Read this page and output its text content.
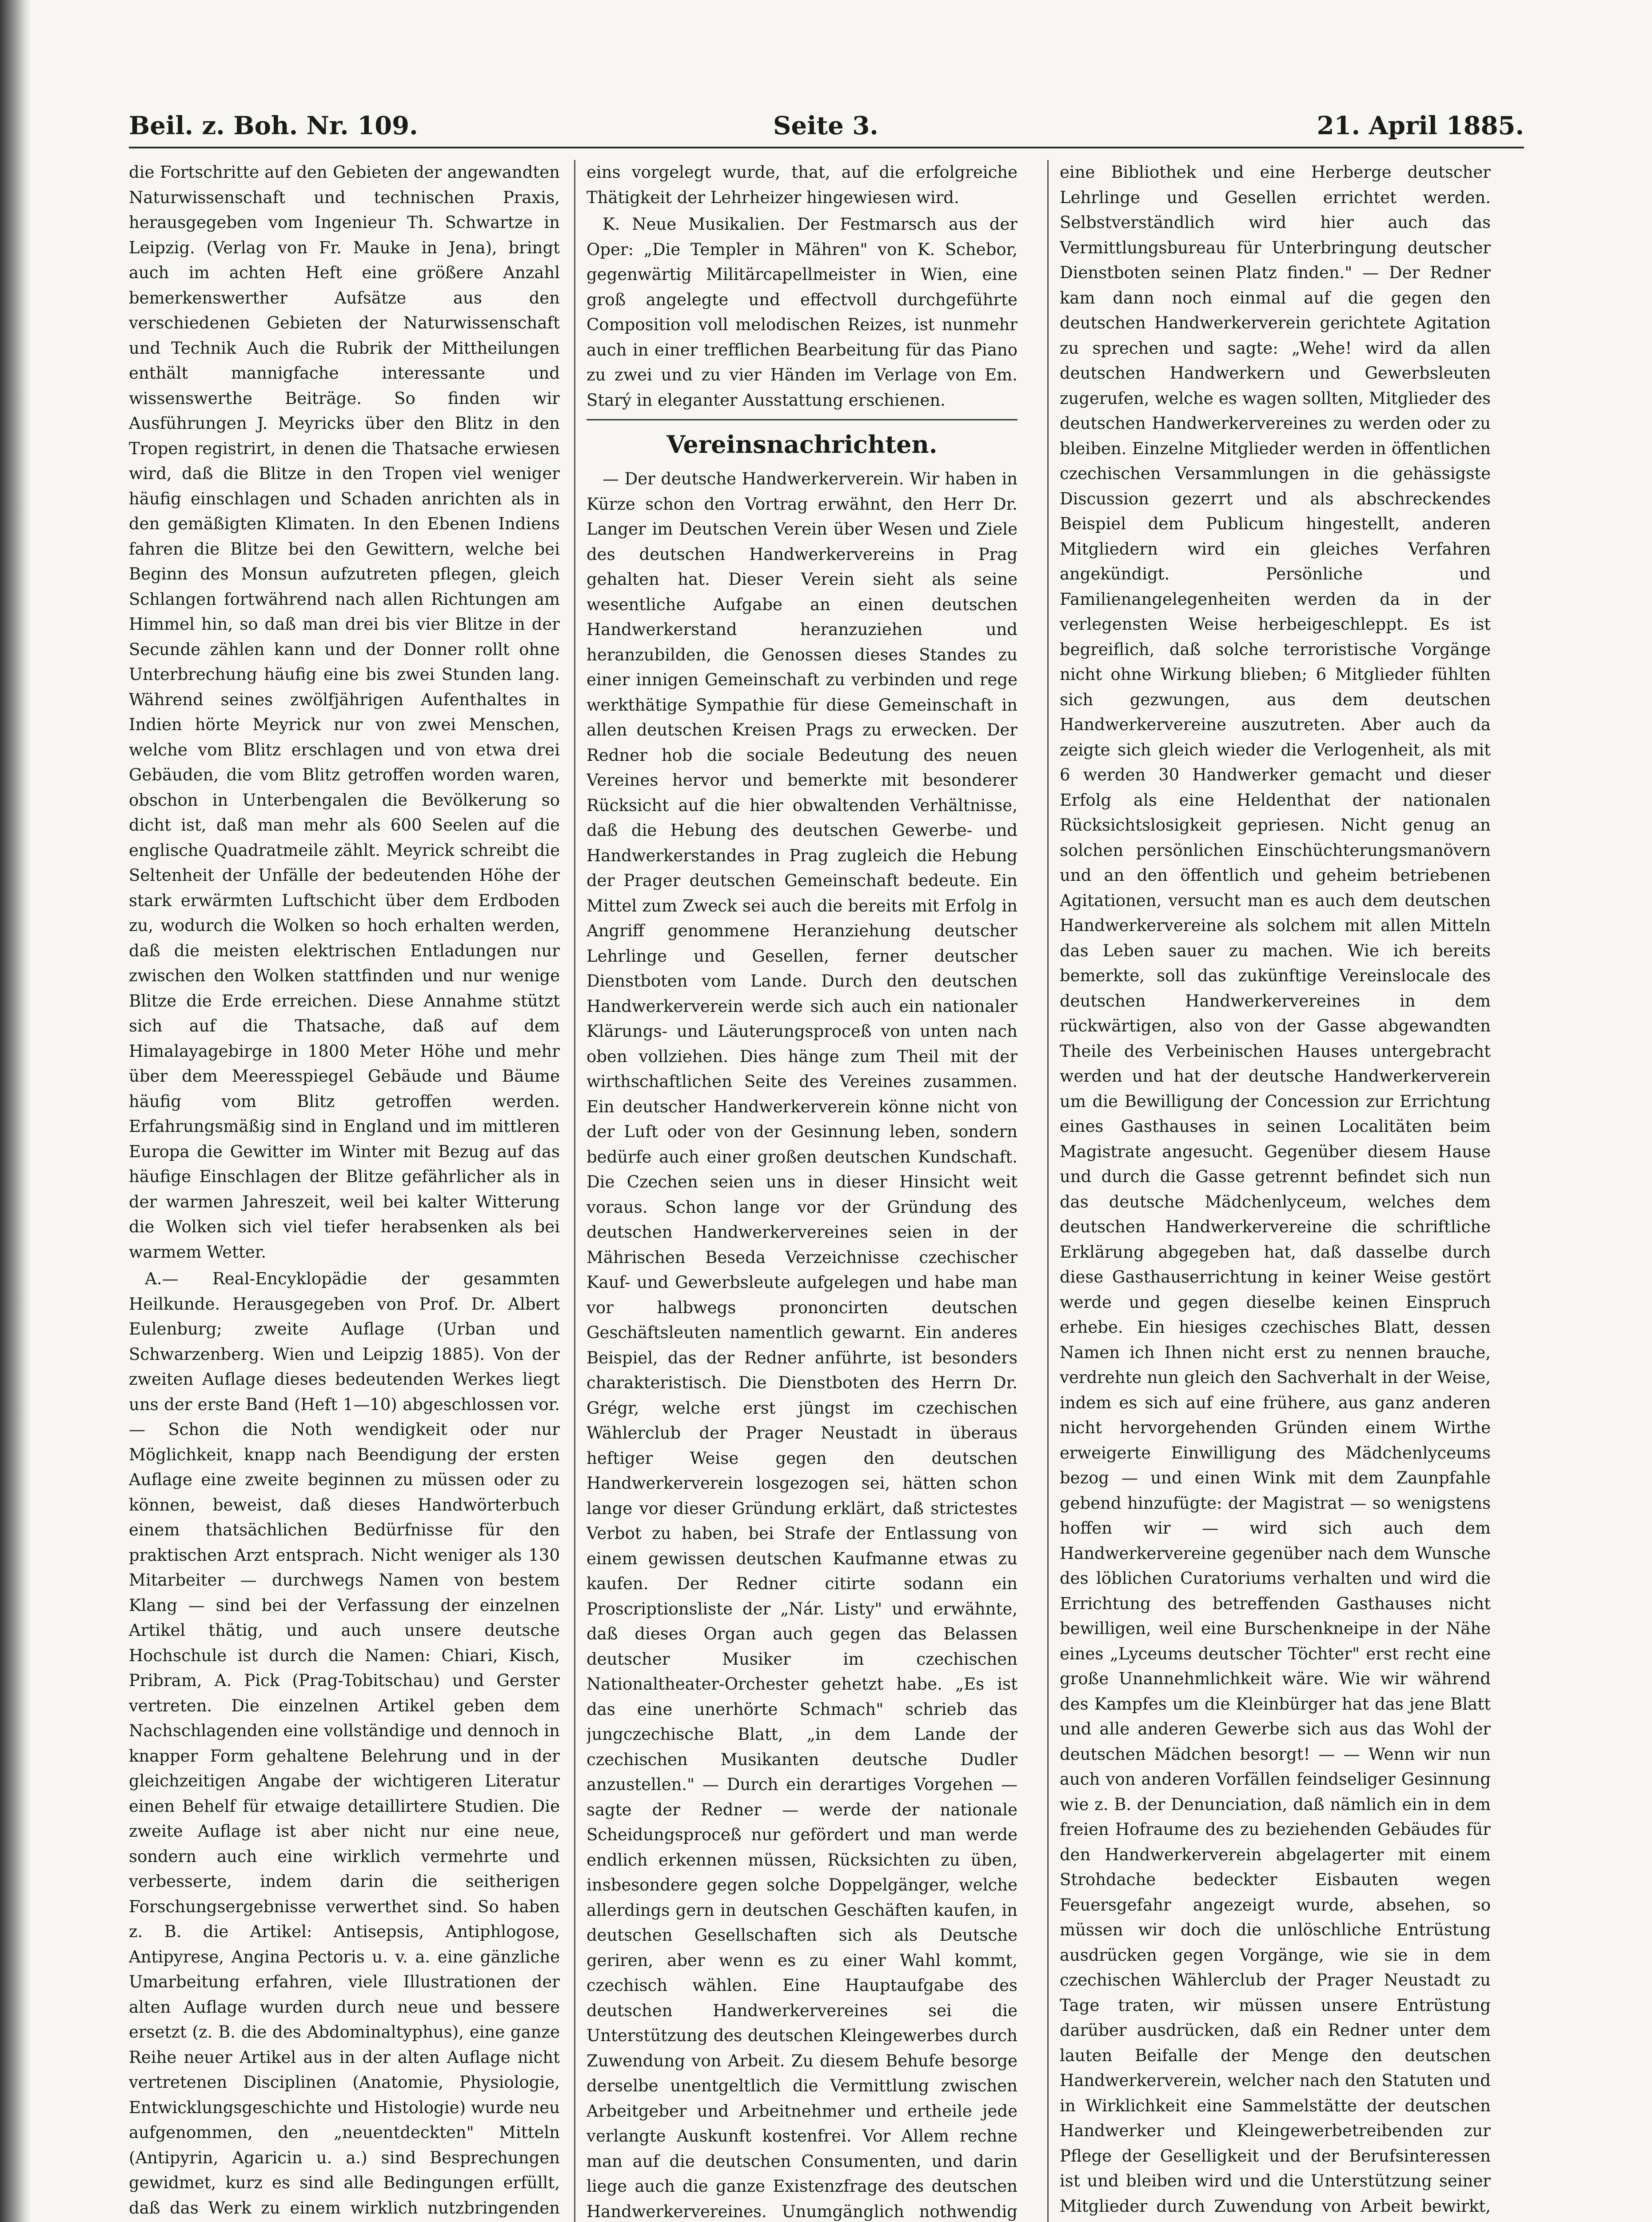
Beil. z. Boh. Nr. 109.	Seite 3.	21. April 1885.

die Fortschritte auf den Gebieten der angewandten Naturwissenschaft und technischen Praxis, herausgegeben vom Ingenieur Th. Schwartze in Leipzig. (Verlag von Fr. Mauke in Jena), bringt auch im achten Heft eine größere Anzahl bemerkenswerther Aufsätze aus den verschiedenen Gebieten der Naturwissenschaft und Technik Auch die Rubrik der Mittheilungen enthält mannigfache interessante und wissenswerthe Beiträge. So finden wir Ausführungen J. Meyricks über den Blitz in den Tropen registrirt, in denen die Thatsache erwiesen wird, daß die Blitze in den Tropen viel weniger häufig einschlagen und Schaden anrichten als in den gemäßigten Klimaten. In den Ebenen Indiens fahren die Blitze bei den Gewittern, welche bei Beginn des Monsun aufzutreten pflegen, gleich Schlangen fortwährend nach allen Richtungen am Himmel hin, so daß man drei bis vier Blitze in der Secunde zählen kann und der Donner rollt ohne Unterbrechung häufig eine bis zwei Stunden lang. Während seines zwölfjährigen Aufenthaltes in Indien hörte Meyrick nur von zwei Menschen, welche vom Blitz erschlagen und von etwa drei Gebäuden, die vom Blitz getroffen worden waren, obschon in Unterbengalen die Bevölkerung so dicht ist, daß man mehr als 600 Seelen auf die englische Quadratmeile zählt. Meyrick schreibt die Seltenheit der Unfälle der bedeutenden Höhe der stark erwärmten Luftschicht über dem Erdboden zu, wodurch die Wolken so hoch erhalten werden, daß die meisten elektrischen Entladungen nur zwischen den Wolken stattfinden und nur wenige Blitze die Erde erreichen. Diese Annahme stützt sich auf die Thatsache, daß auf dem Himalayagebirge in 1800 Meter Höhe und mehr über dem Meeresspiegel Gebäude und Bäume häufig vom Blitz getroffen werden. Erfahrungsmäßig sind in England und im mittleren Europa die Gewitter im Winter mit Bezug auf das häufige Einschlagen der Blitze gefährlicher als in der warmen Jahreszeit, weil bei kalter Witterung die Wolken sich viel tiefer herabsenken als bei warmem Wetter.

A.— Real-Encyklopädie der gesammten Heilkunde. Herausgegeben von Prof. Dr. Albert Eulenburg; zweite Auflage (Urban und Schwarzenberg. Wien und Leipzig 1885). Von der zweiten Auflage dieses bedeutenden Werkes liegt uns der erste Band (Heft 1—10) abgeschlossen vor. — Schon die Noth wendigkeit oder nur Möglichkeit, knapp nach Beendigung der ersten Auflage eine zweite beginnen zu müssen oder zu können, beweist, daß dieses Handwörterbuch einem thatsächlichen Bedürfnisse für den praktischen Arzt entsprach. Nicht weniger als 130 Mitarbeiter — durchwegs Namen von bestem Klang — sind bei der Verfassung der einzelnen Artikel thätig, und auch unsere deutsche Hochschule ist durch die Namen: Chiari, Kisch, Pribram, A. Pick (Prag-Tobitschau) und Gerster vertreten. Die einzelnen Artikel geben dem Nachschlagenden eine vollständige und dennoch in knapper Form gehaltene Belehrung und in der gleichzeitigen Angabe der wichtigeren Literatur einen Behelf für etwaige detaillirtere Studien. Die zweite Auflage ist aber nicht nur eine neue, sondern auch eine wirklich vermehrte und verbesserte, indem darin die seitherigen Forschungsergebnisse verwerthet sind. So haben z. B. die Artikel: Antisepsis, Antiphlogose, Antipyrese, Angina Pectoris u. v. a. eine gänzliche Umarbeitung erfahren, viele Illustrationen der alten Auflage wurden durch neue und bessere ersetzt (z. B. die des Abdominaltyphus), eine ganze Reihe neuer Artikel aus in der alten Auflage nicht vertretenen Disciplinen (Anatomie, Physiologie, Entwicklungsgeschichte und Histologie) wurde neu aufgenommen, den „neuentdeckten" Mitteln (Antipyrin, Agaricin u. a.) sind Besprechungen gewidmet, kurz es sind alle Bedingungen erfüllt, daß das Werk zu einem wirklich nutzbringenden

eins vorgelegt wurde, that, auf die erfolgreiche Thätigkeit der Lehrheizer hingewiesen wird.

K. Neue Musikalien. Der Festmarsch aus der Oper: „Die Templer in Mähren" von K. Schebor, gegenwärtig Militärcapellmeister in Wien, eine groß angelegte und effectvoll durchgeführte Composition voll melodischen Reizes, ist nunmehr auch in einer trefflichen Bearbeitung für das Piano zu zwei und zu vier Händen im Verlage von Em. Starý in eleganter Ausstattung erschienen.

Vereinsnachrichten.

— Der deutsche Handwerkerverein. Wir haben in Kürze schon den Vortrag erwähnt, den Herr Dr. Langer im Deutschen Verein über Wesen und Ziele des deutschen Handwerkervereins in Prag gehalten hat. Dieser Verein sieht als seine wesentliche Aufgabe an einen deutschen Handwerkerstand heranzuziehen und heranzubilden, die Genossen dieses Standes zu einer innigen Gemeinschaft zu verbinden und rege werkthätige Sympathie für diese Gemeinschaft in allen deutschen Kreisen Prags zu erwecken. Der Redner hob die sociale Bedeutung des neuen Vereines hervor und bemerkte mit besonderer Rücksicht auf die hier obwaltenden Verhältnisse, daß die Hebung des deutschen Gewerbe- und Handwerkerstandes in Prag zugleich die Hebung der Prager deutschen Gemeinschaft bedeute. Ein Mittel zum Zweck sei auch die bereits mit Erfolg in Angriff genommene Heranziehung deutscher Lehrlinge und Gesellen, ferner deutscher Dienstboten vom Lande. Durch den deutschen Handwerkerverein werde sich auch ein nationaler Klärungs- und Läuterungsproceß von unten nach oben vollziehen. Dies hänge zum Theil mit der wirthschaftlichen Seite des Vereines zusammen. Ein deutscher Handwerkerverein könne nicht von der Luft oder von der Gesinnung leben, sondern bedürfe auch einer großen deutschen Kundschaft. Die Czechen seien uns in dieser Hinsicht weit voraus. Schon lange vor der Gründung des deutschen Handwerkervereines seien in der Mährischen Beseda Verzeichnisse czechischer Kauf- und Gewerbsleute aufgelegen und habe man vor halbwegs prononcirten deutschen Geschäftsleuten namentlich gewarnt. Ein anderes Beispiel, das der Redner anführte, ist besonders charakteristisch. Die Dienstboten des Herrn Dr. Grégr, welche erst jüngst im czechischen Wählerclub der Prager Neustadt in überaus heftiger Weise gegen den deutschen Handwerkerverein losgezogen sei, hätten schon lange vor dieser Gründung erklärt, daß strictestes Verbot zu haben, bei Strafe der Entlassung von einem gewissen deutschen Kaufmanne etwas zu kaufen. Der Redner citirte sodann ein Proscriptionsliste der „Nár. Listy" und erwähnte, daß dieses Organ auch gegen das Belassen deutscher Musiker im czechischen Nationaltheater-Orchester gehetzt habe. „Es ist das eine unerhörte Schmach" schrieb das jungczechische Blatt, „in dem Lande der czechischen Musikanten deutsche Dudler anzustellen." — Durch ein derartiges Vorgehen — sagte der Redner — werde der nationale Scheidungsproceß nur gefördert und man werde endlich erkennen müssen, Rücksichten zu üben, insbesondere gegen solche Doppelgänger, welche allerdings gern in deutschen Geschäften kaufen, in deutschen Gesellschaften sich als Deutsche geriren, aber wenn es zu einer Wahl kommt, czechisch wählen. Eine Hauptaufgabe des deutschen Handwerkervereines sei die Unterstützung des deutschen Kleingewerbes durch Zuwendung von Arbeit. Zu diesem Behufe besorge derselbe unentgeltlich die Vermittlung zwischen Arbeitgeber und Arbeitnehmer und ertheile jede verlangte Auskunft kostenfrei. Vor Allem rechne man auf die deutschen Consumenten, und darin liege auch die ganze Existenzfrage des deutschen Handwerkervereines. Unumgänglich nothwendig

eine Bibliothek und eine Herberge deutscher Lehrlinge und Gesellen errichtet werden. Selbstverständlich wird hier auch das Vermittlungsbureau für Unterbringung deutscher Dienstboten seinen Platz finden." — Der Redner kam dann noch einmal auf die gegen den deutschen Handwerkerverein gerichtete Agitation zu sprechen und sagte: „Wehe! wird da allen deutschen Handwerkern und Gewerbsleuten zugerufen, welche es wagen sollten, Mitglieder des deutschen Handwerkervereines zu werden oder zu bleiben. Einzelne Mitglieder werden in öffentlichen czechischen Versammlungen in die gehässigste Discussion gezerrt und als abschreckendes Beispiel dem Publicum hingestellt, anderen Mitgliedern wird ein gleiches Verfahren angekündigt. Persönliche und Familienangelegenheiten werden da in der verlegensten Weise herbeigeschleppt. Es ist begreiflich, daß solche terroristische Vorgänge nicht ohne Wirkung blieben; 6 Mitglieder fühlten sich gezwungen, aus dem deutschen Handwerkervereine auszutreten. Aber auch da zeigte sich gleich wieder die Verlogenheit, als mit 6 werden 30 Handwerker gemacht und dieser Erfolg als eine Heldenthat der nationalen Rücksichtslosigkeit gepriesen. Nicht genug an solchen persönlichen Einschüchterungsmanövern und an den öffentlich und geheim betriebenen Agitationen, versucht man es auch dem deutschen Handwerkervereine als solchem mit allen Mitteln das Leben sauer zu machen. Wie ich bereits bemerkte, soll das zukünftige Vereinslocale des deutschen Handwerkervereines in dem rückwärtigen, also von der Gasse abgewandten Theile des Verbeinischen Hauses untergebracht werden und hat der deutsche Handwerkerverein um die Bewilligung der Concession zur Errichtung eines Gasthauses in seinen Localitäten beim Magistrate angesucht. Gegenüber diesem Hause und durch die Gasse getrennt befindet sich nun das deutsche Mädchenlyceum, welches dem deutschen Handwerkervereine die schriftliche Erklärung abgegeben hat, daß dasselbe durch diese Gasthauserrichtung in keiner Weise gestört werde und gegen dieselbe keinen Einspruch erhebe. Ein hiesiges czechisches Blatt, dessen Namen ich Ihnen nicht erst zu nennen brauche, verdrehte nun gleich den Sachverhalt in der Weise, indem es sich auf eine frühere, aus ganz anderen nicht hervorgehenden Gründen einem Wirthe erweigerte Einwilligung des Mädchenlyceums bezog — und einen Wink mit dem Zaunpfahle gebend hinzufügte: der Magistrat — so wenigstens hoffen wir — wird sich auch dem Handwerkervereine gegenüber nach dem Wunsche des löblichen Curatoriums verhalten und wird die Errichtung des betreffenden Gasthauses nicht bewilligen, weil eine Burschenkneipe in der Nähe eines „Lyceums deutscher Töchter" erst recht eine große Unannehmlichkeit wäre. Wie wir während des Kampfes um die Kleinbürger hat das jene Blatt und alle anderen Gewerbe sich aus das Wohl der deutschen Mädchen besorgt! — — Wenn wir nun auch von anderen Vorfällen feindseliger Gesinnung wie z. B. der Denunciation, daß nämlich ein in dem freien Hofraume des zu beziehenden Gebäudes für den Handwerkerverein abgelagerter mit einem Strohdache bedeckter Eisbauten wegen Feuersgefahr angezeigt wurde, absehen, so müssen wir doch die unlöschliche Entrüstung ausdrücken gegen Vorgänge, wie sie in dem czechischen Wählerclub der Prager Neustadt zu Tage traten, wir müssen unsere Entrüstung darüber ausdrücken, daß ein Redner unter dem lauten Beifalle der Menge den deutschen Handwerkerverein, welcher nach den Statuten und in Wirklichkeit eine Sammelstätte der deutschen Handwerker und Kleingewerbetreibenden zur Pflege der Geselligkeit und der Berufsinteressen ist und bleiben wird und die Unterstützung seiner Mitglieder durch Zuwendung von Arbeit bewirkt,
